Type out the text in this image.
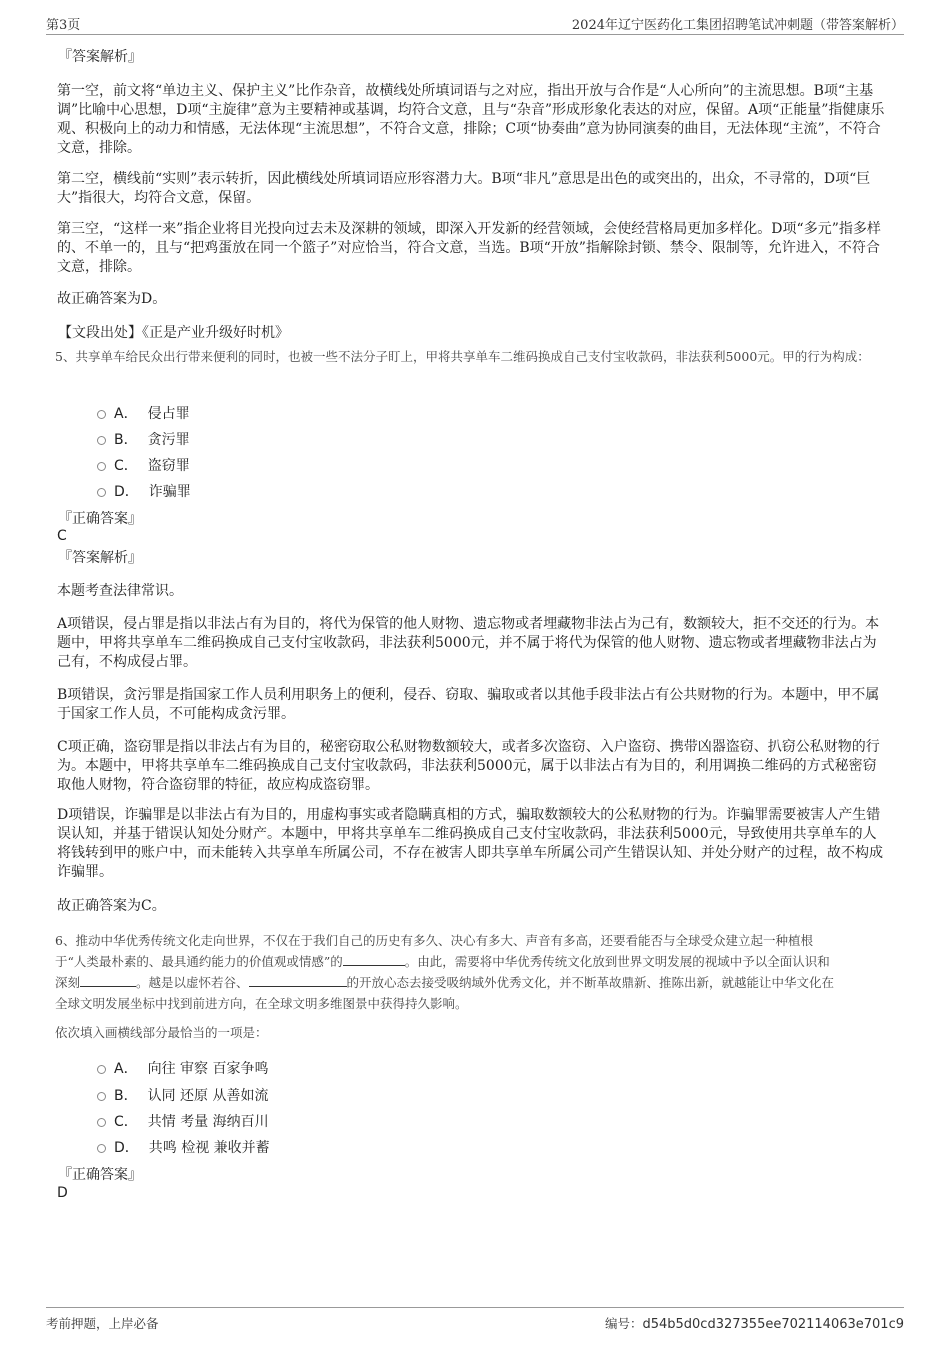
第3页	2024年辽宁医药化工集团招聘笔试冲刺题（带答案解析）
『答案解析』

第一空，前文将“单边主义、保护主义”比作杂音，故横线处所填词语与之对应，指出开放与合作是“人心所向”的主流思想。B项“主基调”比喻中心思想，D项“主旋律”意为主要精神或基调，均符合文意，且与“杂音”形成形象化表达的对应，保留。A项“正能量”指健康乐观、积极向上的动力和情感，无法体现“主流思想”，不符合文意，排除；C项“协奏曲”意为协同演奏的曲目，无法体现“主流”，不符合文意，排除。

第二空，横线前“实则”表示转折，因此横线处所填词语应形容潜力大。B项“非凡”意思是出色的或突出的，出众，不寻常的，D项“巨大”指很大，均符合文意，保留。

第三空，“这样一来”指企业将目光投向过去未及深耕的领域，即深入开发新的经营领域，会使经营格局更加多样化。D项“多元”指多样的、不单一的，且与“把鸡蛋放在同一个篮子”对应恰当，符合文意，当选。B项“开放”指解除封锁、禁令、限制等，允许进入，不符合文意，排除。

故正确答案为D。

【文段出处】《正是产业升级好时机》

5、共享单车给民众出行带来便利的同时，也被一些不法分子盯上，甲将共享单车二维码换成自己支付宝收款码，非法获利5000元。甲的行为构成：

A． 侵占罪
B． 贪污罪
C． 盗窃罪
D． 诈骗罪
『正确答案』
C
『答案解析』

本题考查法律常识。

A项错误，侵占罪是指以非法占有为目的，将代为保管的他人财物、遗忘物或者埋藏物非法占为己有，数额较大，拒不交还的行为。本题中，甲将共享单车二维码换成自己支付宝收款码，非法获利5000元，并不属于将代为保管的他人财物、遗忘物或者埋藏物非法占为己有，不构成侵占罪。

B项错误，贪污罪是指国家工作人员利用职务上的便利，侵吞、窃取、骗取或者以其他手段非法占有公共财物的行为。本题中，甲不属于国家工作人员，不可能构成贪污罪。

C项正确，盗窃罪是指以非法占有为目的，秘密窃取公私财物数额较大，或者多次盗窃、入户盗窃、携带凶器盗窃、扒窃公私财物的行为。本题中，甲将共享单车二维码换成自己支付宝收款码，非法获利5000元，属于以非法占有为目的，利用调换二维码的方式秘密窃取他人财物，符合盗窃罪的特征，故应构成盗窃罪。

D项错误，诈骗罪是以非法占有为目的，用虚构事实或者隐瞒真相的方式，骗取数额较大的公私财物的行为。诈骗罪需要被害人产生错误认知，并基于错误认知处分财产。本题中，甲将共享单车二维码换成自己支付宝收款码，非法获利5000元，导致使用共享单车的人将钱转到甲的账户中，而未能转入共享单车所属公司，不存在被害人即共享单车所属公司产生错误认知、并处分财产的过程，故不构成诈骗罪。

故正确答案为C。

6、推动中华优秀传统文化走向世界，不仅在于我们自己的历史有多久、决心有多大、声音有多高，还要看能否与全球受众建立起一种植根

于“人类最朴素的、最具通约能力的价值观或情感”的	。由此，需要将中华优秀传统文化放到世界文明发展的视域中予以全面认识和

深刻	。越是以虚怀若谷、	的开放心态去接受吸纳域外优秀文化，并不断革故鼎新、推陈出新，就越能让中华文化在

全球文明发展坐标中找到前进方向，在全球文明多维图景中获得持久影响。

依次填入画横线部分最恰当的一项是：

A． 向往 审察 百家争鸣
B． 认同 还原 从善如流
C． 共情 考量 海纳百川
D． 共鸣 检视 兼收并蓄
『正确答案』
D
考前押题，上岸必备	编号：d54b5d0cd327355ee702114063e701c9
